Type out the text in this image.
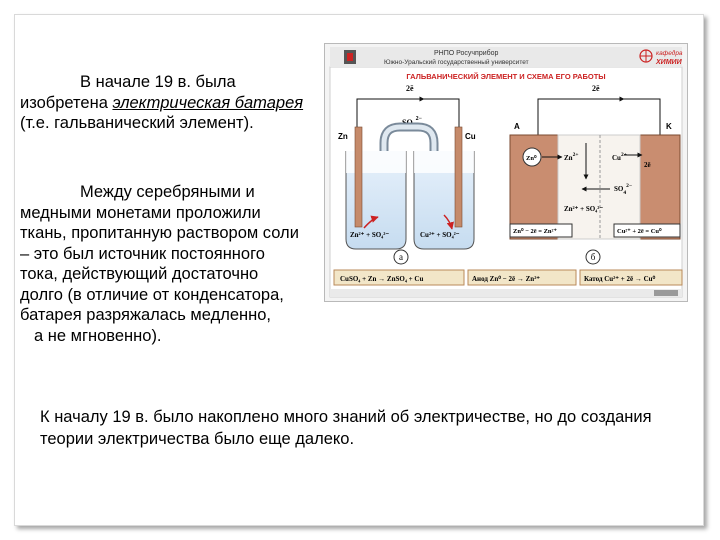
В начале 19 в. была изобретена электрическая батарея (т.е. гальванический элемент).

Между серебряными и медными монетами проложили ткань, пропитанную раствором соли – это был источник постоянного тока, действующий достаточно долго (в отличие от конденсатора, батарея разряжалась медленно,
а не мгновенно).

К началу 19 в. было накоплено много знаний об электричестве, но до создания теории электричества было еще далеко.

РНПО Росучприбор
Южно-Уральский государственный университет
кафедра
ХИМИИ
ГАЛЬВАНИЧЕСКИЙ ЭЛЕМЕНТ И СХЕМА ЕГО РАБОТЫ
2ē
Zn	Cu
$SO_4^{2-}$
Zn²⁺ + SO₄²⁻	Cu²⁺ + SO₄²⁻
а
2ē
A	K
Zn⁰	$Zn^{2+}$	$Cu^{2+}$
2ē
$SO_4^{2-}$
Zn²⁺ + SO₄²⁻
Zn⁰ − 2ē = Zn²⁺	Cu²⁺ + 2ē = Cu⁰
б
CuSO₄ + Zn → ZnSO₄ + Cu	Анод Zn⁰ − 2ē → Zn²⁺	Катод Cu²⁺ + 2ē → Cu⁰
